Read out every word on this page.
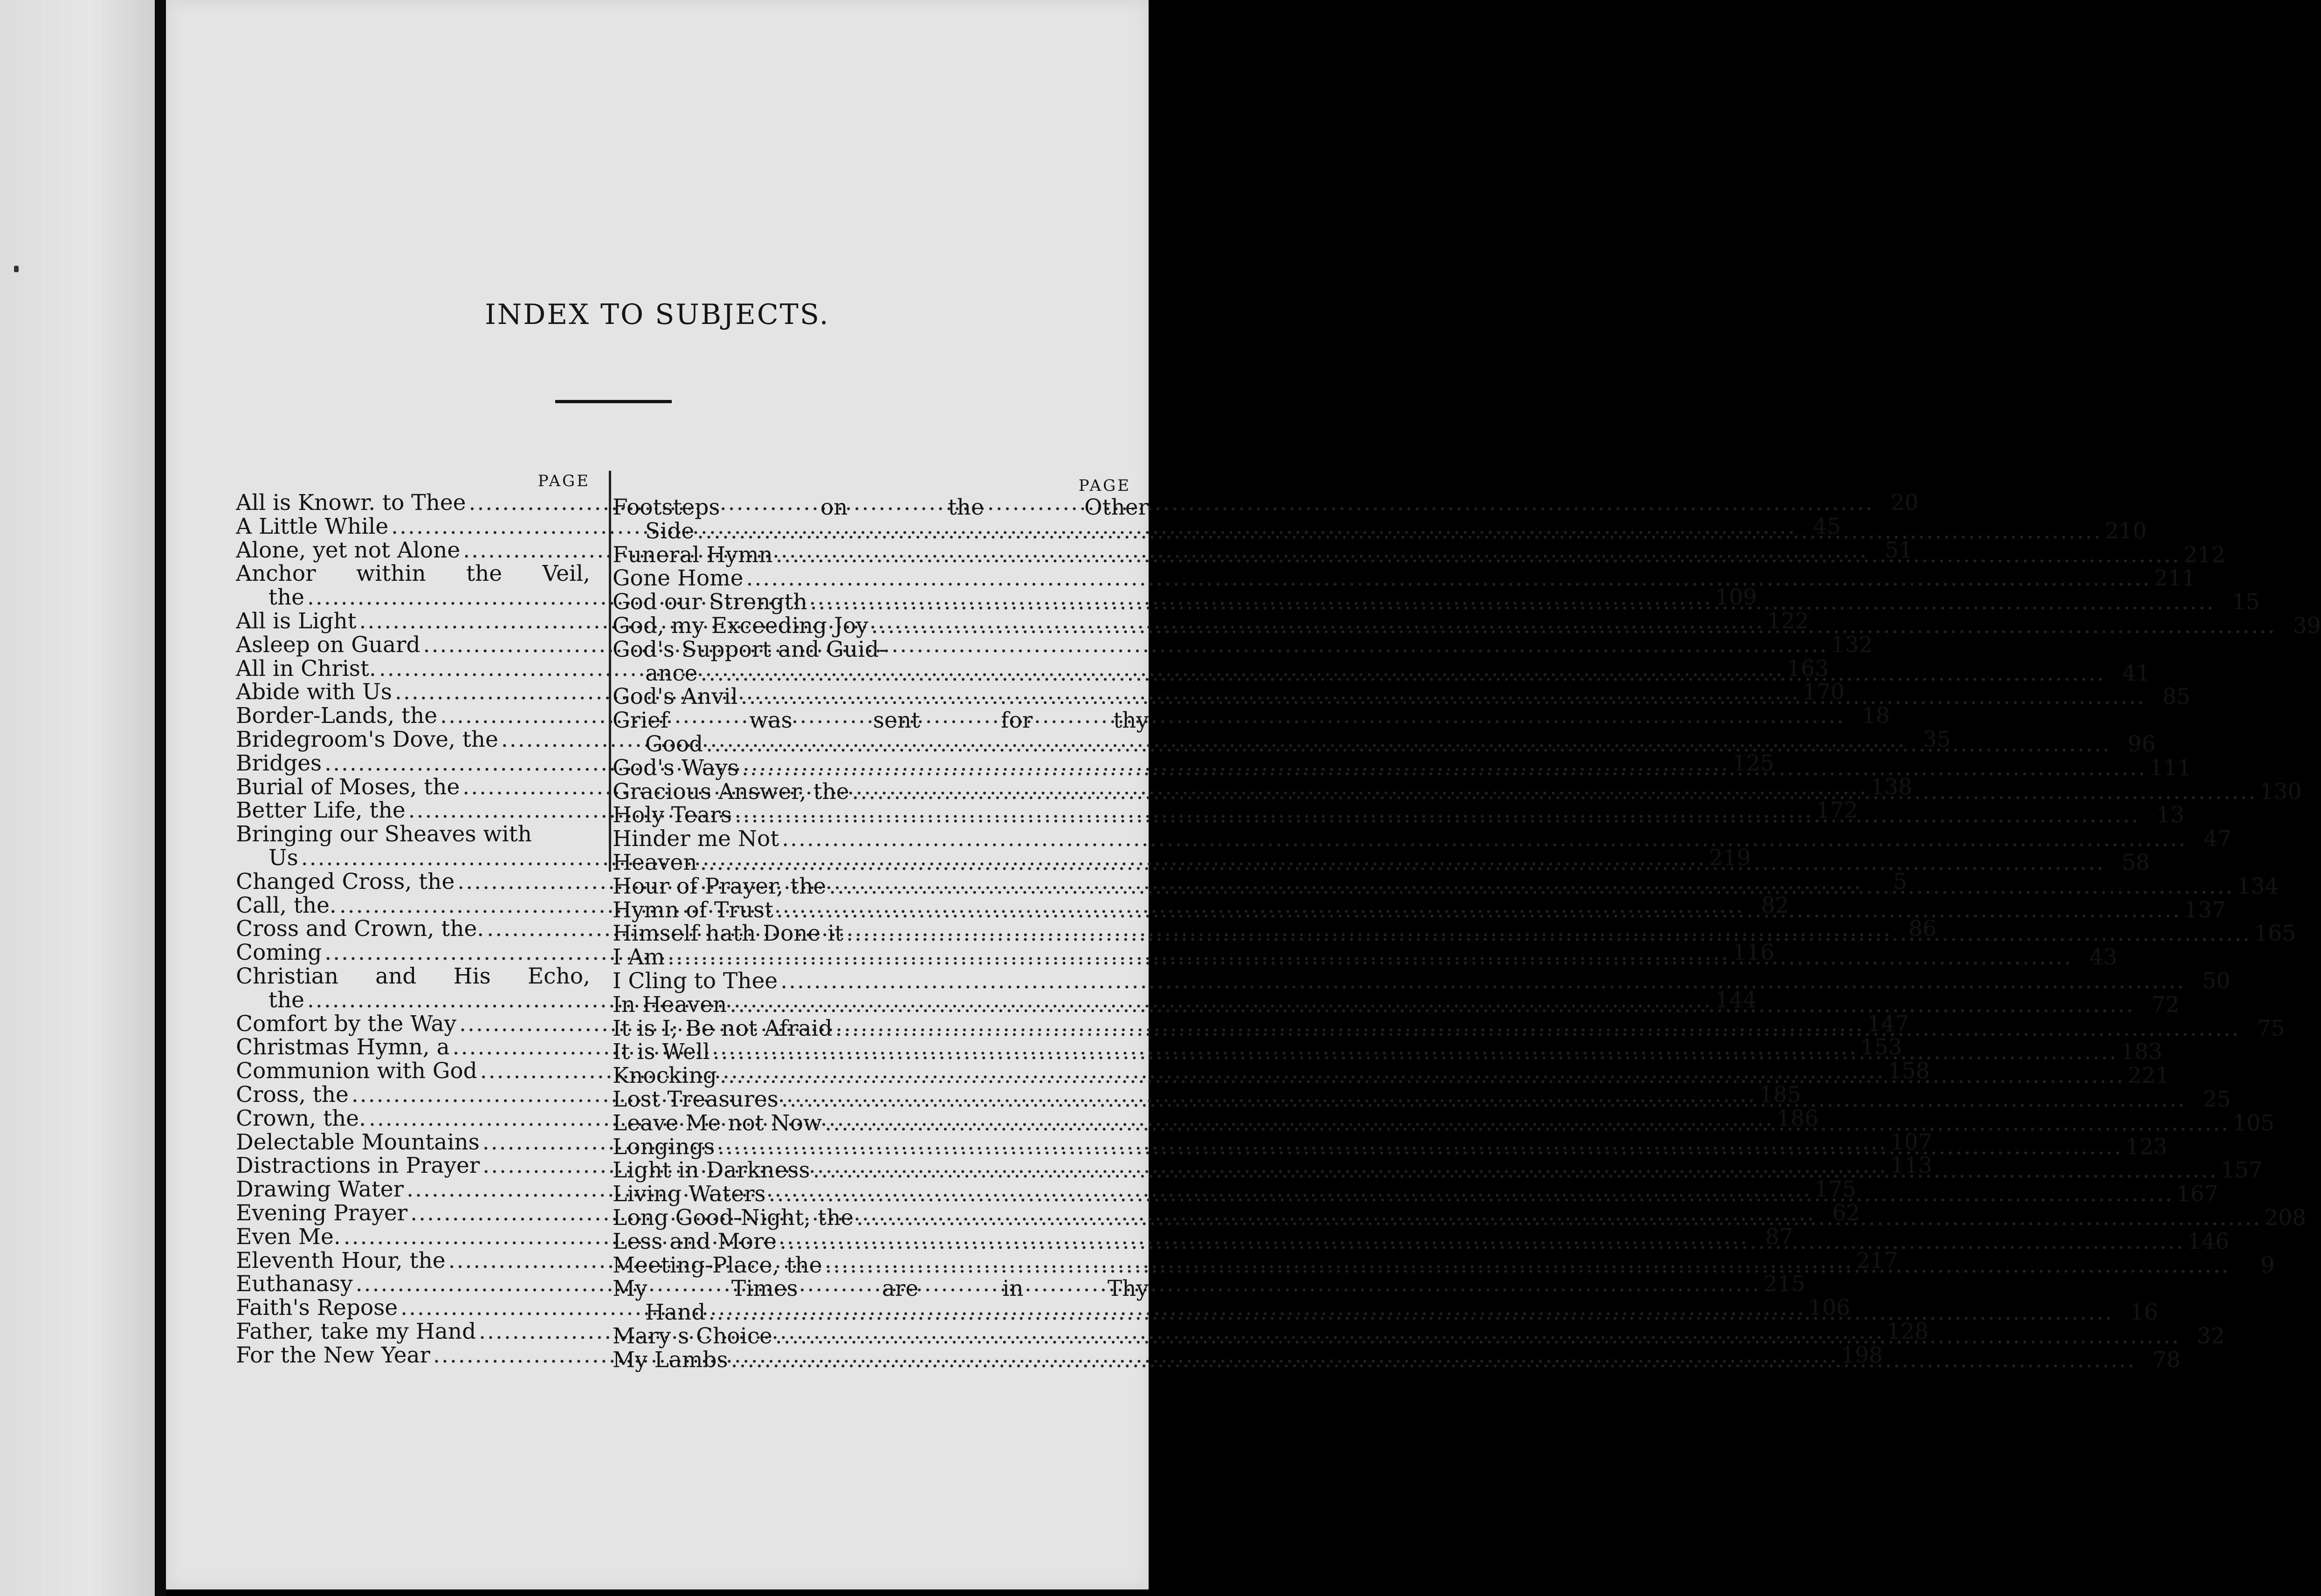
INDEX TO SUBJECTS.
PAGE
All is Knowr. to Thee .....	20
A Little While .....	45
Alone, yet not Alone .....	51
Anchor within the Veil,
the .....	109
All is Light .....	122
Asleep on Guard .....	132
All in Christ. .....	163
Abide with Us .....	170
Border-Lands, the .....	18
Bridegroom's Dove, the .....	35
Bridges .....	125
Burial of Moses, the .....	138
Better Life, the .....	172
Bringing our Sheaves with
Us .....	219
Changed Cross, the .....	5
Call, the. .....	82
Cross and Crown, the. .....	86
Coming .....	116
Christian and His Echo,
the .....	144
Comfort by the Way .....	147
Christmas Hymn, a .....	153
Communion with God .....	158
Cross, the .....	185
Crown, the. .....	186
Delectable Mountains .....	107
Distractions in Prayer .....	113
Drawing Water .....	175
Evening Prayer .....	62
Even Me. .....	87
Eleventh Hour, the .....	217
Euthanasy .....	215
Faith's Repose .....	106
Father, take my Hand .....	128
For the New Year .....	198
PAGE
Footsteps	on	the	Other
Side .....	210
Funeral Hymn .....	212
Gone Home .....	211
God our Strength .....	15
God, my Exceeding Joy .....	39
God's Support and Guid-
ance .....	41
God's Anvil .....	85
Grief	was	sent	for	thy
Good .....	96
God's Ways .....	111
Gracious Answer, the .....	130
Holy Tears .....	13
Hinder me Not .....	47
Heaven .....	58
Hour of Prayer, the .....	134
Hymn of Trust .....	137
Himself hath Done it .....	165
I Am .....	43
I Cling to Thee .....	50
In Heaven .....	72
It is I; Be not Afraid .....	75
It is Well .....	183
Knocking .....	221
Lost Treasures .....	25
Leave Me not Now .....	105
Longings .....	123
Light in Darkness .....	157
Living Waters .....	167
Long Good-Night, the .....	208
Less and More .....	146
Meeting-Place, the .....	9
My	Times	are	in	Thy
Hand .....	16
Mary s Choice .....	32
My Lambs .....	78
